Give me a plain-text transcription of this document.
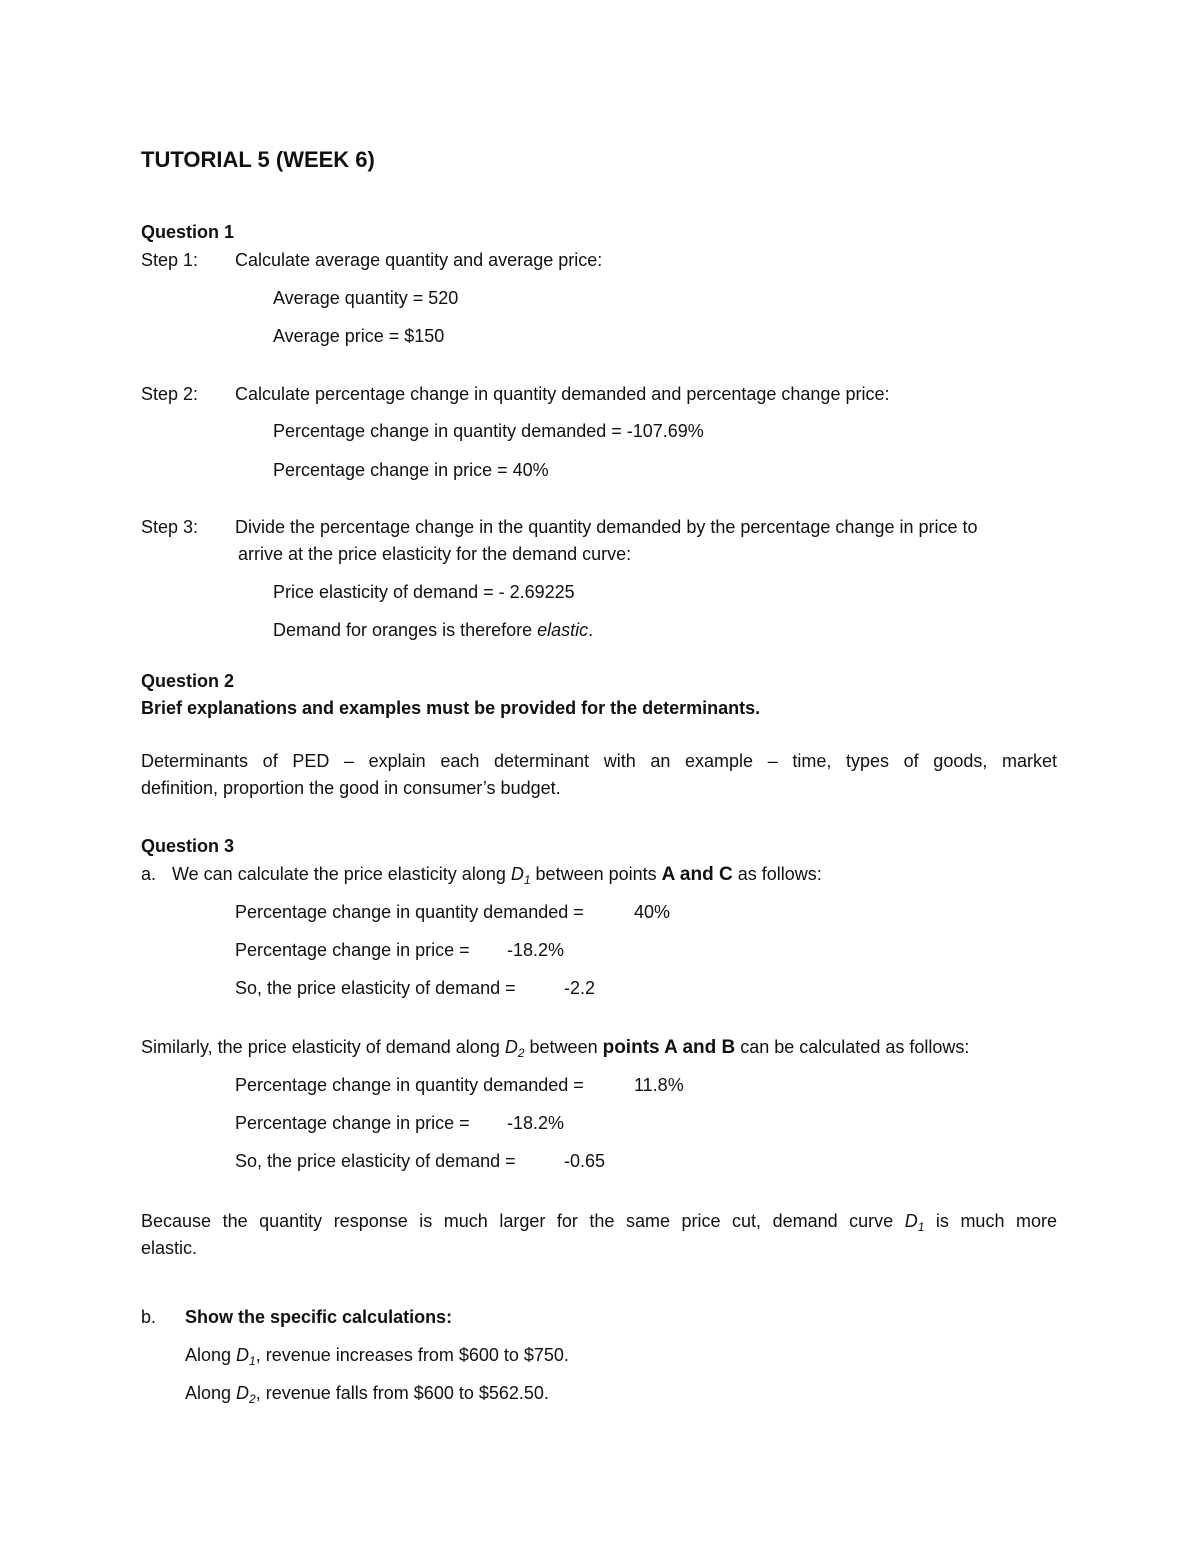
TUTORIAL 5 (WEEK 6)
Question 1
Step 1: Calculate average quantity and average price:
Average quantity = 520
Average price = $150
Step 2: Calculate percentage change in quantity demanded and percentage change price:
Percentage change in quantity demanded = -107.69%
Percentage change in price = 40%
Step 3: Divide the percentage change in the quantity demanded by the percentage change in price to
arrive at the price elasticity for the demand curve:
Price elasticity of demand = - 2.69225
Demand for oranges is therefore elastic.
Question 2
Brief explanations and examples must be provided for the determinants.
Determinants of PED – explain each determinant with an example – time, types of goods, market
definition, proportion the good in consumer’s budget.
Question 3
a. We can calculate the price elasticity along $D_1$ between points A and C as follows:
Percentage change in quantity demanded =	40%
Percentage change in price = -18.2%
So, the price elasticity of demand =	-2.2
Similarly, the price elasticity of demand along $D_2$ between points A and B can be calculated as follows:
Percentage change in quantity demanded =	11.8%
Percentage change in price = -18.2%
So, the price elasticity of demand =	-0.65
Because the quantity response is much larger for the same price cut, demand curve $D_1$ is much more
elastic.
b. Show the specific calculations:
Along $D_1$, revenue increases from $600 to $750.
Along $D_2$, revenue falls from $600 to $562.50.
